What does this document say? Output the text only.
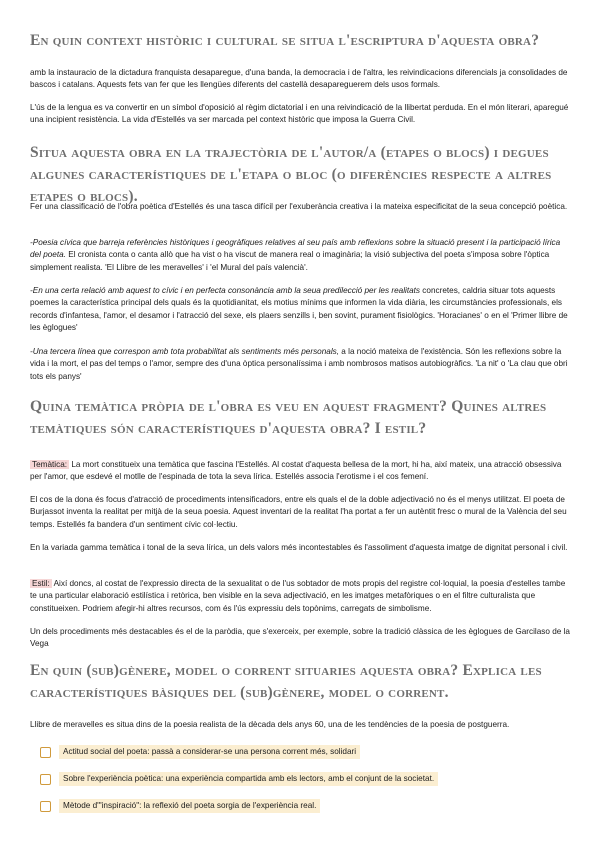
En quin context històric i cultural se situa l'escriptura d'aquesta obra?

amb la instauracio de la dictadura franquista desaparegue, d'una banda, la democracia i de l'altra, les reivindicacions diferencials ja consolidades de bascos i catalans. Aquests fets van fer que les llengües diferents del castellà desapareguerem dels usos formals.

L'ús de la lengua es va convertir en un símbol d'oposició al règim dictatorial i en una reivindicació de la llibertat perduda. En el món literari, aparegué una incipient resistència. La vida d'Estellés va ser marcada pel context històric que imposa la Guerra Civil.

Situa aquesta obra en la trajectòria de l'autor/a (etapes o blocs) i degues algunes característiques de l'etapa o bloc (o diferències respecte a altres etapes o blocs).

Fer una classificació de l'obra poètica d'Estellés és una tasca difícil per l'exuberància creativa i la mateixa especificitat de la seua concepció poètica.

-Poesia cívica que barreja referències històriques i geogràfiques relatives al seu país amb reflexions sobre la situació present i la participació lírica del poeta. El cronista conta o canta allò que ha vist o ha viscut de manera real o imaginària; la visió subjectiva del poeta s'imposa sobre l'òptica simplement realista. 'El Llibre de les meravelles' i 'el Mural del país valencià'.

-En una certa relació amb aquest to cívic i en perfecta consonància amb la seua predilecció per les realitats concretes, caldria situar tots aquests poemes la característica principal dels quals és la quotidianitat, els motius mínims que informen la vida diària, les circumstàncies professionals, els records d'infantesa, l'amor, el desamor i l'atracció del sexe, els plaers senzills i, ben sovint, purament fisiològics. 'Horacianes' o en el 'Primer llibre de les èglogues'

-Una tercera línea que correspon amb tota probabilitat als sentiments més personals, a la noció mateixa de l'existència. Són les reflexions sobre la vida i la mort, el pas del temps o l'amor, sempre des d'una òptica personalíssima i amb nombrosos matisos autobiogràfics. 'La nit' o 'La clau que obri tots els panys'

Quina temàtica pròpia de l'obra es veu en aquest fragment? Quines altres temàtiques són característiques d'aquesta obra? I estil?

Temàtica: La mort constitueix una temàtica que fascina l'Estellés. Al costat d'aquesta bellesa de la mort, hi ha, així mateix, una atracció obsessiva per l'amor, que esdevé el motlle de l'espinada de tota la seva lírica. Estellés associa l'erotisme i el cos femení.

El cos de la dona és focus d'atracció de procediments intensificadors, entre els quals el de la doble adjectivació no és el menys utilitzat. El poeta de Burjassot inventa la realitat per mitjà de la seua poesia. Aquest inventari de la realitat l'ha portat a fer un autèntit fresc o mural de la València del seu temps. Estellés fa bandera d'un sentiment cívic col·lectiu.

En la variada gamma temàtica i tonal de la seva lírica, un dels valors més incontestables és l'assoliment d'aquesta imatge de dignitat personal i civil.

Estil: Així doncs, al costat de l'expressio directa de la sexualitat o de l'us sobtador de mots propis del registre col·loquial, la poesia d'estelles tambe te una particular elaboració estilística i retòrica, ben visible en la seva adjectivació, en les imatges metafòriques o en el filtre culturalista que constitueixen. Podriem afegir-hi altres recursos, com és l'ús expressiu dels topònims, carregats de simbolisme.

Un dels procediments més destacables és el de la paròdia, que s'exerceix, per exemple, sobre la tradició clàssica de les èglogues de Garcilaso de la Vega

En quin (sub)gènere, model o corrent situaries aquesta obra? Explica les característiques bàsiques del (sub)gènere, model o corrent.

Llibre de meravelles es situa dins de la poesia realista de la dècada dels anys 60, una de les tendències de la poesia de postguerra.

Actitud social del poeta: passà a considerar-se una persona corrent més, solidari
Sobre l'experiència poètica: una experiència compartida amb els lectors, amb el conjunt de la societat.
Mètode d'"inspiració": la reflexió del poeta sorgia de l'experiència real.
